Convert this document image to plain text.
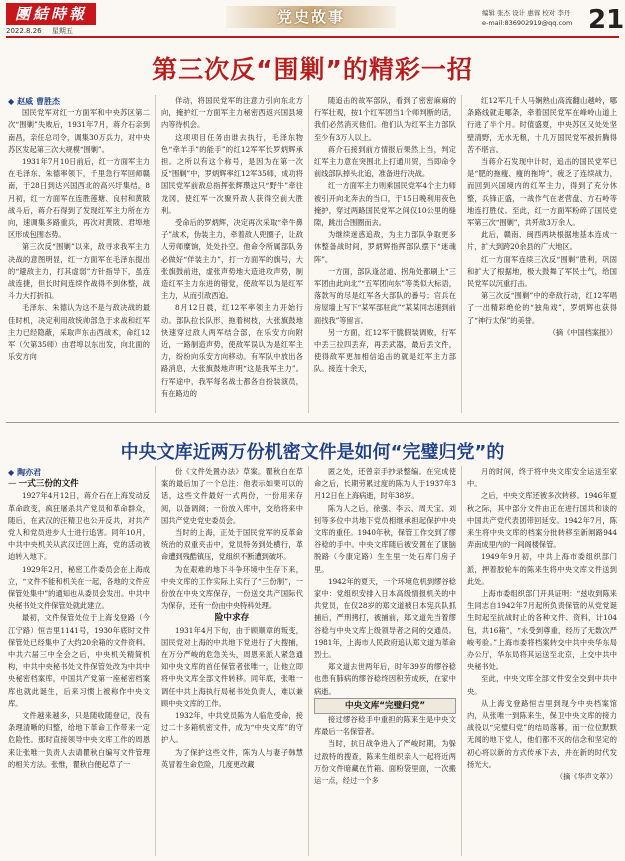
團結時報
2022.8.26 星期五
党史故事	编辑 张杰 设计 惠蓉 校对 李丹
e-mail:836902919@qq.com 21
第三次反“围剿”的精彩一招

◆ 赵威 曹胜杰

国民党军对红一方面军和中央苏区第二次“围剿”失败后，1931年7月，蒋介石亲到南昌，亲任总司令，调集30万兵力，对中央苏区发起第三次大规模“围剿”。

1931年7月10日前后，红一方面军主力在毛泽东、朱德率领下，千里急行军回师赣南，于28日到达兴国西北的高兴圩集结。8月初，红一方面军在连胜莲塘、良村和黄陂战斗后，蒋介石得到了发现红军主力所在方向，速调集多路重兵，再次对黄陂、君埠地区形成包围态势。

第三次反“围剿”以来，敌寻求我军主力决战的意图明显，红一方面军在毛泽东提出的“避敌主力，打其虚弱”方针指导下，虽连战连捷，但长时间连续作战得不到休整，战斗力大打折扣。

毛泽东、朱德认为这不是与敌决战的最佳时机，决定利用敌统帅部急于求战和红军主力已经隐蔽，采取声东击西战术，命红12军（欠第35师）由君埠以东出发，向北面的乐安方向

佯动，将国民党军的注意力引向东北方向，掩护红一方面军主力秘密西返兴国县境内等待机会。

这项项目任务由谁去执行，毛泽东物色“牵羊手”的能手”的红12军军长罗炳辉承担。之所以有这个称号，是因为在第一次反“围剿”中，罗炳辉率红12军35师，成功将国民党军前敌总指挥张辉瓒这只“野牛”牵往龙冈，使红军一次聚歼敌人获得空前大胜利。

受命后的罗炳辉，决定再次采取“牵牛鼻子”战术，伪装主力，牵着敌人兜圈子，让敌人劳师糜饷，处处扑空。他命令所属部队务必做好“佯装主力”，打一方面军的旗号，大张旗鼓前进，虚张声势地大造进攻声势，制造红军主力东进的错觉，使敌军以为是红军主力，从而引敌西追。

8月12日晨，红12军率领主力开始行动。部队拉长队形，拖着树枝，大张旗鼓地快速穿过敌人两军结合部，在乐安方向附近，一路制造声势，使敌军误认为是红军主力，纷纷向乐安方向移动。有军队中放出各路消息，大张旗鼓地声明“这是我军主力”。行军途中，我军每名战士都各自扮装演员，有在路边的

随追击的故军部队，看到了密密麻麻的行军壮观，按1个红军团当1个师判断的话，我们必然消灭他们。他们认为红军主力部队至少有3万人以上。

蒋介石接到前方情报后果然上当，判定红军主力意在突围北上打通川贸，当即命令前线部队掉头北追，准备进行决战。

红一方面军主力则乘国民党军4个主力师被引开向北奔去的当口，于15日晚利用夜色掩护，穿过两路国民党军之间仅10公里的缝隙，跳出合围圈而去。

为继续迷惑追敌，为主力部队争取更多休整备战时间，罗炳辉指挥部队摆下“迷魂阵”。

一方面，部队逢岔道、拐角处都刷上“三军团由此向北”“五军团向东”等类似大标语，落款写的尽是红军各大部队的番号；官兵在房屋墙上写下“某军部驻此”“某某同志速到前面找我”等留言。

另一方面，红12军干脆假装调败，行军中丢三拉四丢弃，再丢武器，最后丢文件，使得敌军更加相信追击的就是红军主力部队。接连十余天，

红12军几千人马娴熟山高流翻山越岭，哪条路线就走哪条，牵着国民党军在峰岭山道上行进了半个月。时值盛夏，中央苏区又处处坚壁清野，无水无粮，十几万国民党军被折腾得苦不堪言。

当蒋介石发现中计时，追击的国民党军已是“肥的拖瘦、瘦的拖垮”，疲乏了连续战力，而回到兴国境内的红军主力，得到了充分休整，兵锋正盛，一战作气在老营盘、方石岭等地连打胜仗。至此，红一方面军粉碎了国民党军第三次“围剿”，共歼敌3万余人。

此后，赣南、闽西两块根据地基本连成一片，扩大到跨20余县的广大地区。

红一方面军连续三次反“围剿”胜利，巩固和扩大了根据地，极大鼓舞了军民士气，给国民党军以沉重打击。

第三次反“围剿”中的牵敌行动，红12军唱了一出精彩绝伦的“独角戏”，罗炳辉也获得了“神行太保”的美誉。

（摘《中国档案报》）

中央文库近两万份机密文件是如何“完璧归党”的

◆ 陶亦君

— 一式三份的文件

1927年4月12日，蒋介石在上海发动反革命政变，疯狂屠杀共产党员和革命群众，随后，在武汉的汪精卫也公开反共，对共产党人和党员进步人士进行追害。同年10月，中共中央机关从武汉迁回上海，党的活动被迫转入地下。

1929年2月，秘密工作委员会在上海成立，“文件不能和机关在一起，各地的文件应保管处集中”的通知也从委员会发出。中共中央秘书处文件保管处就此建立。

最初，文件保管处位于上海戈登路（今江宁路）恒吉里1141号，1930年底时文件保管处已经集中了大约20余箱的文件资料。中共六届三中全会之后，中央机关精简机构，中共中央秘书处文件保管处改为中共中央秘密档案库，中国共产党第一座秘密档案库也就此诞生，后来习惯上被称作中央文库。

文件越来越多，只是随收随登记，没有条理清晰的归整，给地下革命工作带来一定危险性。那时直接领导中央文库工作的周恩来让张唯一负责人去请瞿秋白编写文件管理的相关方法。张惟，瞿秋白便起草了一

份《文件处置办法》草案。瞿秋白在草案的最后加了一个总注：他表示如果可以的话，这些文件最好一式两份，一份用来存阅，以备调阅；一份放入库中，交给将来中国共产党史党史委员会。

当时的上海，正处于国民党军的反革命统治的双重夹击中，党员特务到处横行，革命遭到残酷镇压，党组织不断遭到破坏。

为在艰难的地下斗争环境中生存下来，中央文库的工作实际上实行了“三份制”，一份放在中央文库保存，一份送交共产国际代为保存，还有一份由中央特科处理。

险中求存

1931年4月下旬，由于顾顺章的叛变，国民党对上海的中共地下党进行了大搜捕，在万分严峻的危急关头，周恩来派人紧急通知中央文库的首任保管者张唯一，让他立即将中央文库全部文件转移。同年底，张唯一调任中共上海执行局秘书处负责人，难以兼顾中央文库的工作。

1932年，中共党员陈为人临危受命，接过二十多箱机密文件，成为“中央文库”的守护人。

为了保护这些文件，陈为人与妻子韩慧英冒着生命危险，几度更改藏

匿之处，还曾亲手抄录整编。在完成使命之后，长期劳累过度的陈为人于1937年3月12日在上海病逝，时年38岁。

陈为人之后，徐强、李云、周天宝、刘钊等多位中共地下党员相继承担起保护中央文库的重任。1940年秋，保管工作交到了缪谷稔的手中。中央文库随后被安置在了康脑脱路（今康定路）生生里一处石库门房子里。

1942年的夏天，一个环境危机到缪谷稔家中：党组织安排入日本高级情报机关的中共党员，在仅28岁的郑文道被日本宪兵队抓捕后，严刑拷打，被捕前，郑文道先当着缪谷稔与中央文库上级领导者之间的交通员。1981年，上海市人民政府追认郑文道为革命烈士。

郑文道去世两年后，时年39岁的缪谷稔也患有肺病的缪谷稔终因积劳成疾，在家中病逝。

中央文库“完璧归党”

接过缪谷稔手中重担的陈来生是中央文库最后一名保管者。

当时，抗日战争进入了严峻时期，为躲过敌特的搜查，陈来生组织亲人一起将近两万份文件暗藏在竹箱、面粉袋里面，一次搬运一点，经过一个多

月的时间，终于将中央文库安全运送至家中。

之后，中央文库还被多次转移。1946年夏秋之际，其中部分文件由正在进行国共和谈的中国共产党代表团带回延安。1942年7月，陈来生将中央文库的档案分批转移至新闸路944弄南成里内的一间阁楼保管。

1949年9月初，中共上海市委组织部门派，押着胶轮车的陈来生将中央文库文件送到此处。

上海市委组织部门开具证明：“兹收到陈来生同志自1942年7月起所负责保管的从党党诞生时起至抗战时止的各种文件、资料，计104包，共16箱”，“永受到尊重，经历了无数次严峻考验。”上海市委将档案转交中共中央华东局办公厅，华东局将其运送至北京，上交中共中央秘书处。

至此，中央文库全部文件安全交到中共中央。

从上海戈登路恒吉里到现今中央档案馆内，从张唯一到陈来生，保卫中央文库的接力战役以“完璧归党”的结局落幕，而一位位默默无闻的地下党人，他们都不灭的信念和坚定的初心将以新的方式传承下去，并在新的时代发扬光大。

（摘《华声文萃》）
